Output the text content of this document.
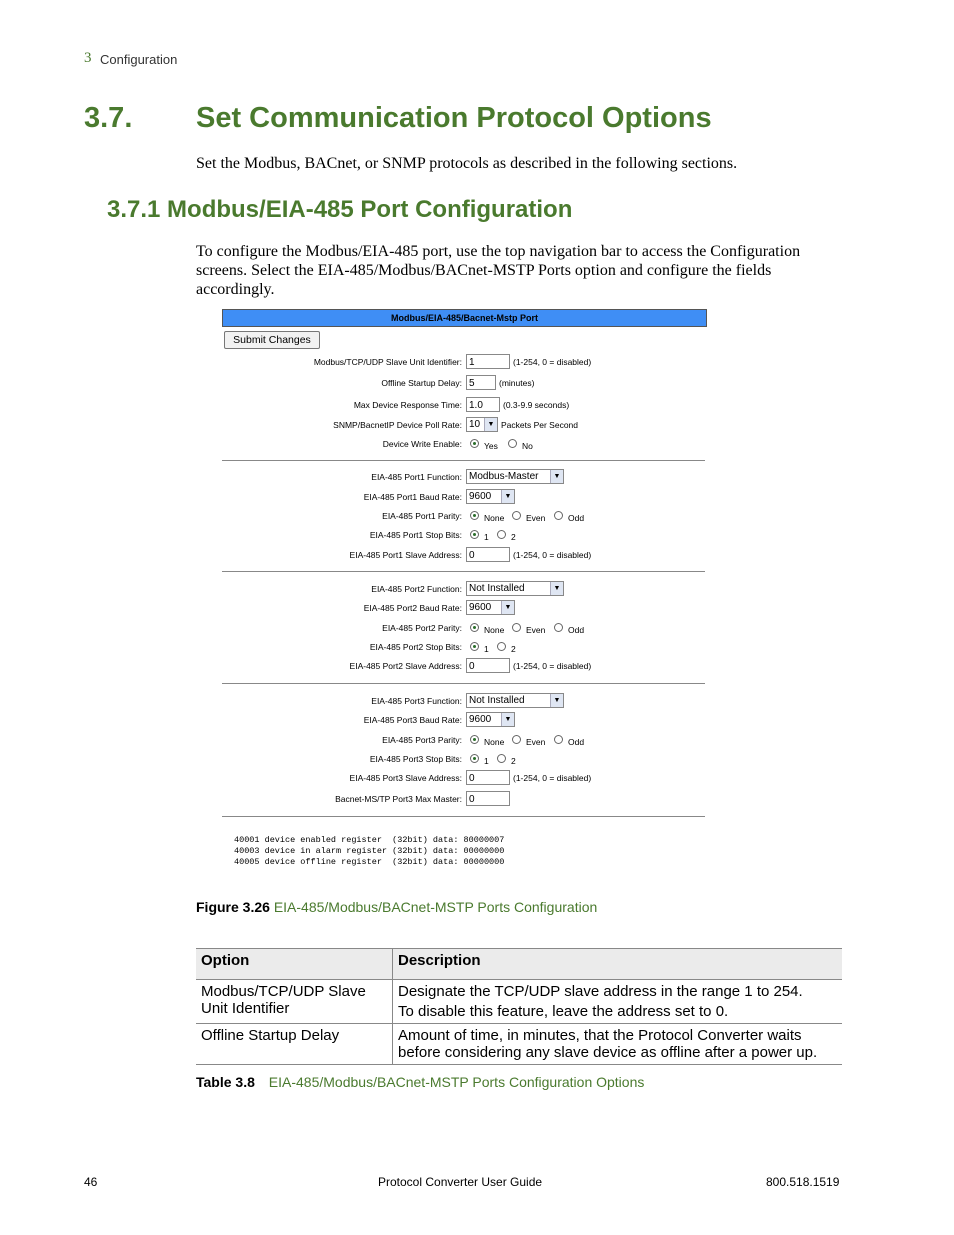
3 Configuration
3.7. Set Communication Protocol Options
Set the Modbus, BACnet, or SNMP protocols as described in the following sections.
3.7.1 Modbus/EIA-485 Port Configuration
To configure the Modbus/EIA-485 port, use the top navigation bar to access the Configuration screens. Select the EIA-485/Modbus/BACnet-MSTP Ports option and configure the fields accordingly.
Modbus/EIA-485/Bacnet-Mstp Port
Submit Changes
Modbus/TCP/UDP Slave Unit Identifier: 1	(1-254, 0 = disabled)
Offline Startup Delay: 5	(minutes)
Max Device Response Time: 1.0	(0.3-9.9 seconds)
SNMP/BacnetIP Device Poll Rate: 10	▼ Packets Per Second
Device Write Enable:	Yes	No
EIA-485 Port1 Function: Modbus-Master	▼
EIA-485 Port1 Baud Rate: 9600	▼
EIA-485 Port1 Parity:	None	Even	Odd
EIA-485 Port1 Stop Bits:	1	2
EIA-485 Port1 Slave Address: 0	(1-254, 0 = disabled)
EIA-485 Port2 Function: Not Installed	▼
EIA-485 Port2 Baud Rate: 9600	▼
EIA-485 Port2 Parity:	None	Even	Odd
EIA-485 Port2 Stop Bits:	1	2
EIA-485 Port2 Slave Address: 0	(1-254, 0 = disabled)
EIA-485 Port3 Function: Not Installed	▼
EIA-485 Port3 Baud Rate: 9600	▼
EIA-485 Port3 Parity:	None	Even	Odd
EIA-485 Port3 Stop Bits:	1	2
EIA-485 Port3 Slave Address: 0	(1-254, 0 = disabled)
Bacnet-MS/TP Port3 Max Master: 0
40001 device enabled register  (32bit) data: 80000007
40003 device in alarm register (32bit) data: 00000000
40005 device offline register  (32bit) data: 00000000
Figure 3.26 EIA-485/Modbus/BACnet-MSTP Ports Configuration
Option	Description
Modbus/TCP/UDP Slave Unit Identifier	Designate the TCP/UDP slave address in the range 1 to 254.
To disable this feature, leave the address set to 0.

Offline Startup Delay	Amount of time, in minutes, that the Protocol Converter waits before considering any slave device as offline after a power up.
Table 3.8 EIA-485/Modbus/BACnet-MSTP Ports Configuration Options
46	Protocol Converter User Guide	800.518.1519
